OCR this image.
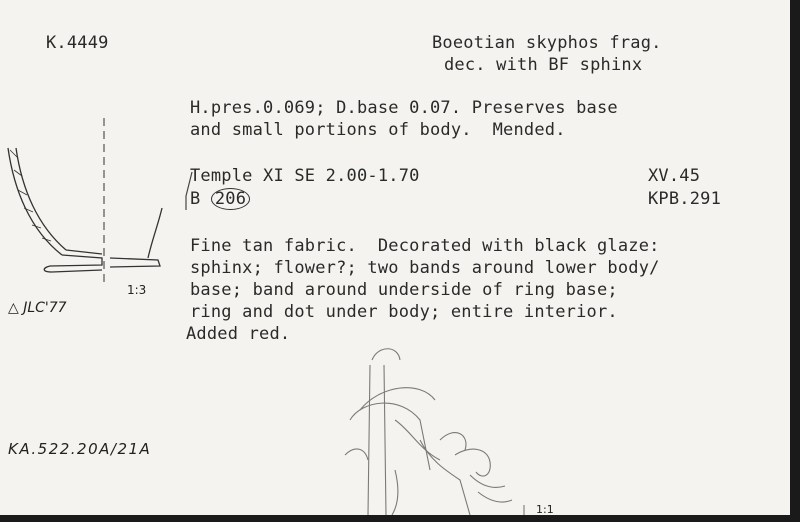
K.4449	Boeotian skyphos frag.
dec. with BF sphinx
H.pres.0.069; D.base 0.07. Preserves base
and small portions of body.  Mended.
Temple XI SE 2.00-1.70	XV.45
B 206	KPB.291
Fine tan fabric.  Decorated with black glaze:
sphinx; flower?; two bands around lower body/
base; band around underside of ring base;
ring and dot under body; entire interior.
Added red.
1:3
△ JLC'77
KA.522.20A/21A
1:1
